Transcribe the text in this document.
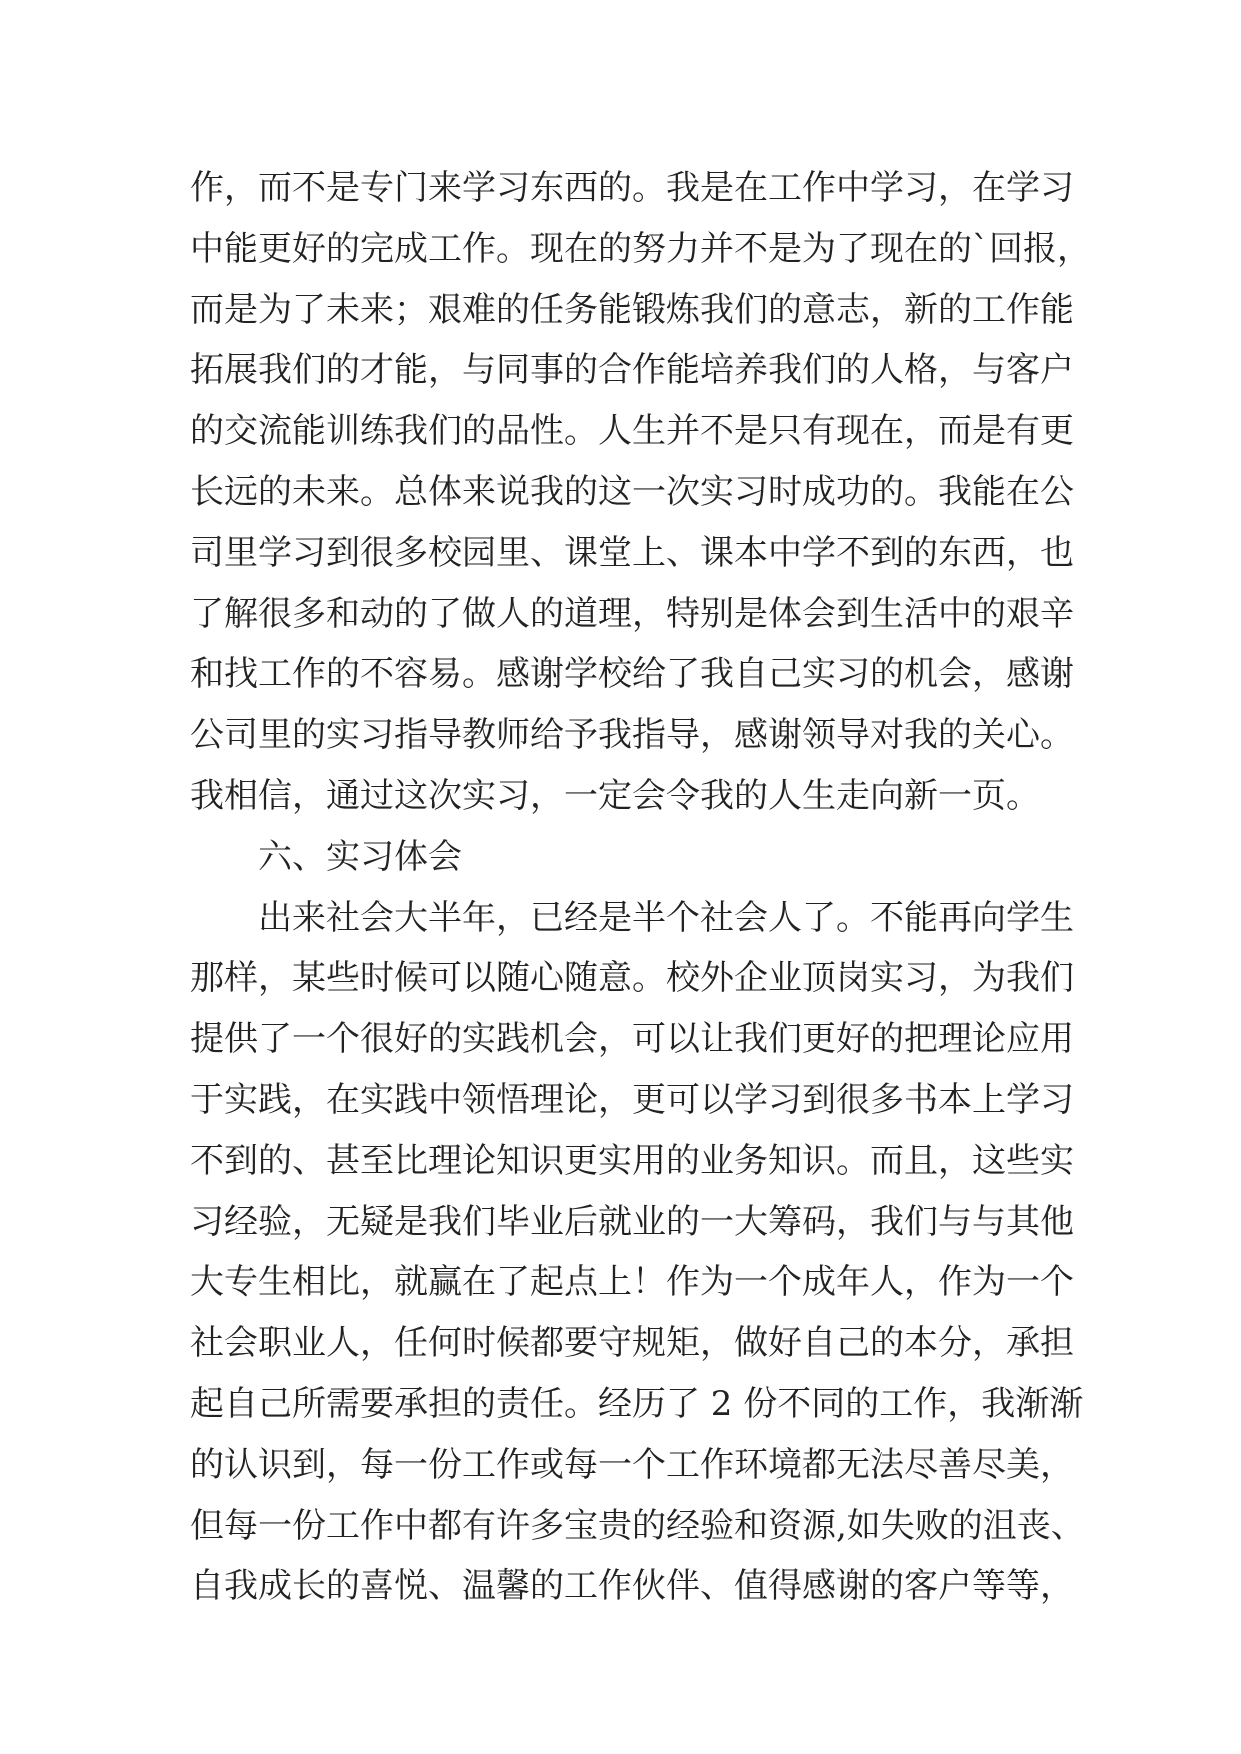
作，而不是专门来学习东西的。我是在工作中学习，在学习
中能更好的完成工作。现在的努力并不是为了现在的`回报，
而是为了未来；艰难的任务能锻炼我们的意志，新的工作能
拓展我们的才能，与同事的合作能培养我们的人格，与客户
的交流能训练我们的品性。人生并不是只有现在，而是有更
长远的未来。总体来说我的这一次实习时成功的。我能在公
司里学习到很多校园里、课堂上、课本中学不到的东西，也
了解很多和动的了做人的道理，特别是体会到生活中的艰辛
和找工作的不容易。感谢学校给了我自己实习的机会，感谢
公司里的实习指导教师给予我指导，感谢领导对我的关心。
我相信，通过这次实习，一定会令我的人生走向新一页。
六、实习体会
出来社会大半年，已经是半个社会人了。不能再向学生
那样，某些时候可以随心随意。校外企业顶岗实习，为我们
提供了一个很好的实践机会，可以让我们更好的把理论应用
于实践，在实践中领悟理论，更可以学习到很多书本上学习
不到的、甚至比理论知识更实用的业务知识。而且，这些实
习经验，无疑是我们毕业后就业的一大筹码，我们与与其他
大专生相比，就赢在了起点上！作为一个成年人，作为一个
社会职业人，任何时候都要守规矩，做好自己的本分，承担
起自己所需要承担的责任。经历了 2 份不同的工作，我渐渐
的认识到，每一份工作或每一个工作环境都无法尽善尽美，
但每一份工作中都有许多宝贵的经验和资源,如失败的沮丧、
自我成长的喜悦、温馨的工作伙伴、值得感谢的客户等等，
